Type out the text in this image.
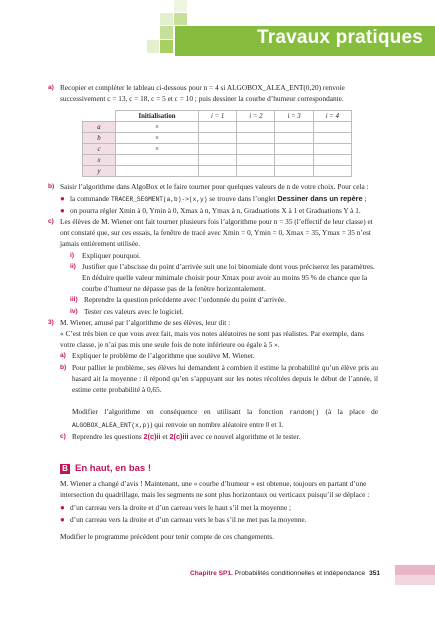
Travaux pratiques
a) Recopier et compléter le tableau ci-dessous pour n = 4 si ALGOBOX_ALEA_ENT(0,20) renvoie successivement c = 13, c = 18, c = 5 et c = 10 ; puis dessiner la courbe d’humeur correspondante.
	Initialisation	i = 1	i = 2	i = 3	i = 4
a	×				
b	×				
c	×				
x					
y					
b) Saisir l’algorithme dans AlgoBox et le faire tourner pour quelques valeurs de n de votre choix. Pour cela :
● la commande TRACER_SEGMENT(a,b)->(x,y) se trouve dans l’onglet Dessiner dans un repère ;
● on pourra régler Xmin à 0, Ymin à 0, Xmax à n, Ymax à n, Graduations X à 1 et Graduations Y à 1.
c) Les élèves de M. Wiener ont fait tourner plusieurs fois l’algorithme pour n = 35 (l’effectif de leur classe) et ont constaté que, sur ces essais, la fenêtre de tracé avec Xmin = 0, Ymin = 0, Xmax = 35, Ymax = 35 n’est jamais entièrement utilisée.
i)	Expliquer pourquoi.
ii) Justifier que l’abscisse du point d’arrivée suit une loi binomiale dont vous préciserez les paramètres.
En déduire quelle valeur minimale choisir pour Xmax pour avoir au moins 95 % de chance que la courbe d’humeur ne dépasse pas de la fenêtre horizontalement.
iii) Reprendre la question précédente avec l’ordonnée du point d’arrivée.
iv) Tester ces valeurs avec le logiciel.
3) M. Wiener, amusé par l’algorithme de ses élèves, leur dit :
« C’est très bien ce que vous avez fait, mais vos notes aléatoires ne sont pas réalistes. Par exemple, dans votre classe, je n’ai pas mis une seule fois de note inférieure ou égale à 5 ».
a) Expliquer le problème de l’algorithme que soulève M. Wiener.
b) Pour pallier le problème, ses élèves lui demandent à combien il estime la probabilité qu’un élève pris au hasard ait la moyenne : il répond qu’en s’appuyant sur les notes récoltées depuis le début de l’année, il estime cette probabilité à 0,65.

Modifier l’algorithme en conséquence en utilisant la fonction random() (à la place de ALGOBOX_ALEA_ENT(x,p)) qui renvoie un nombre aléatoire entre 0 et 1.
c) Reprendre les questions 2(c)ii et 2(c)iii avec ce nouvel algorithme et le tester.
B En haut, en bas !
M. Wiener a changé d’avis ! Maintenant, une « courbe d’humeur » est obtenue, toujours en partant d’une intersection du quadrillage, mais les segments ne sont plus horizontaux ou verticaux puisqu’il se déplace :
● d’un carreau vers la droite et d’un carreau vers le haut s’il met la moyenne ;
● d’un carreau vers la droite et d’un carreau vers le bas s’il ne met pas la moyenne.
Modifier le programme précédent pour tenir compte de ces changements.
Chapitre SP1. Probabilités conditionnelles et indépendance 351
